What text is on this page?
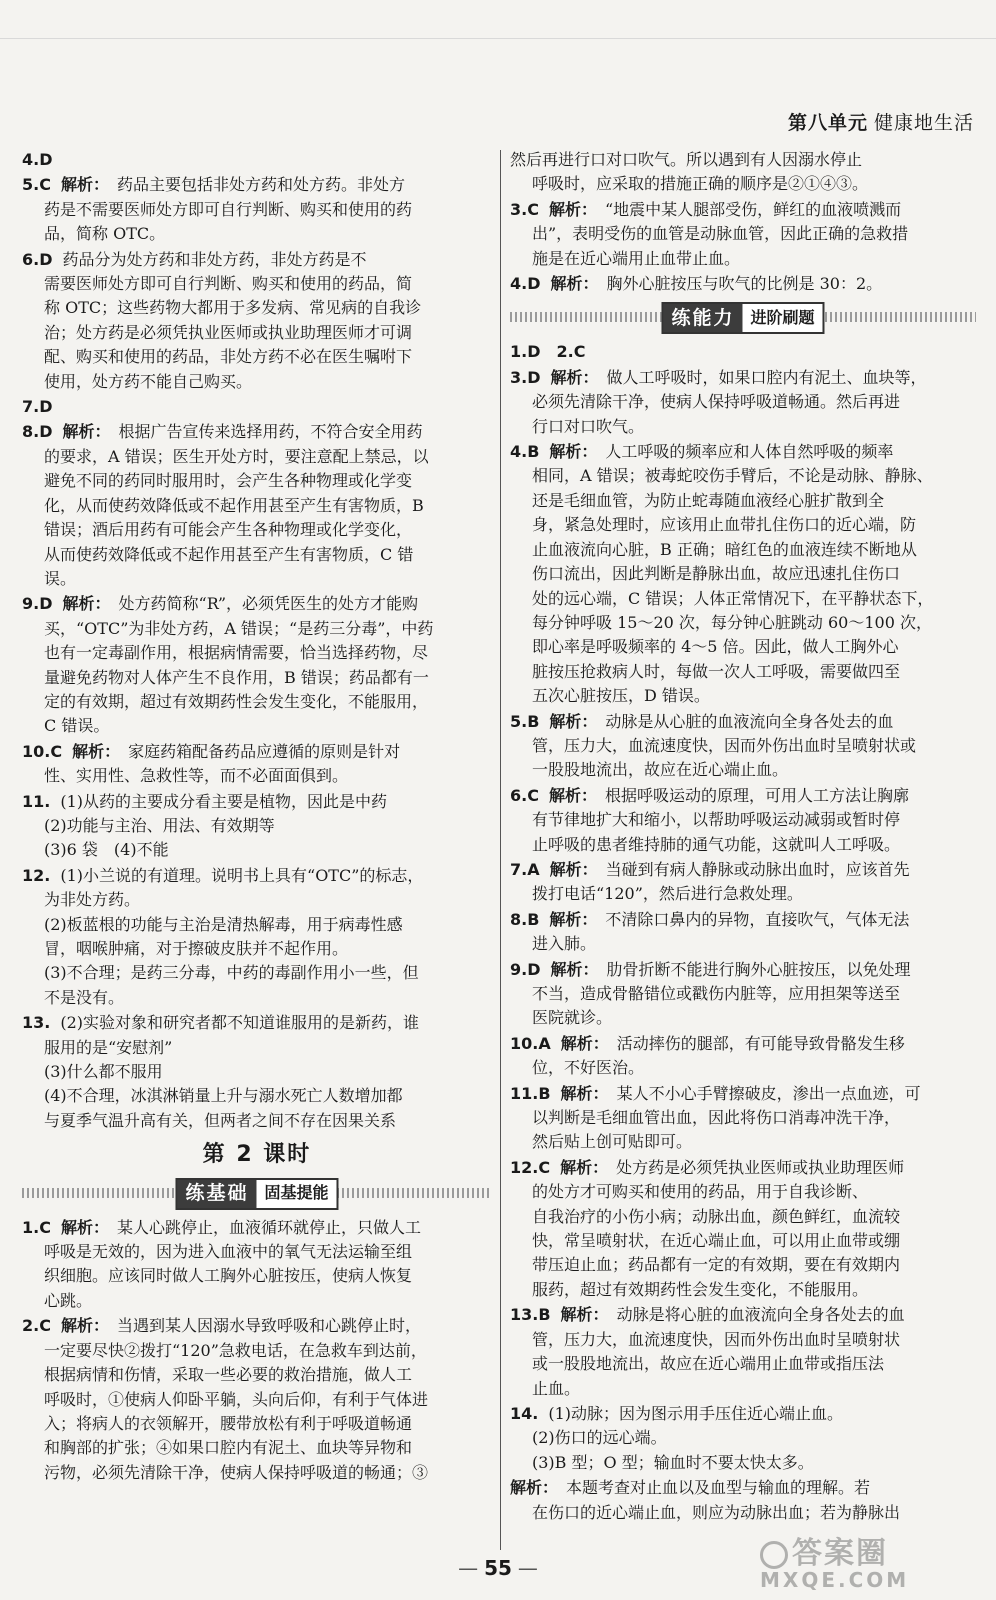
第八单元 健康地生活
4.D
5.C 解析： 药品主要包括非处方药和处方药。非处方
药是不需要医师处方即可自行判断、购买和使用的药
品，简称 OTC。
6.D 药品分为处方药和非处方药，非处方药是不
需要医师处方即可自行判断、购买和使用的药品，简
称 OTC；这些药物大都用于多发病、常见病的自我诊
治；处方药是必须凭执业医师或执业助理医师才可调
配、购买和使用的药品，非处方药不必在医生嘱咐下
使用，处方药不能自己购买。
7.D
8.D 解析： 根据广告宣传来选择用药，不符合安全用药
的要求，A 错误；医生开处方时，要注意配上禁忌，以
避免不同的药同时服用时，会产生各种物理或化学变
化，从而使药效降低或不起作用甚至产生有害物质，B
错误；酒后用药有可能会产生各种物理或化学变化，
从而使药效降低或不起作用甚至产生有害物质，C 错
误。
9.D 解析： 处方药简称“R”，必须凭医生的处方才能购
买，“OTC”为非处方药，A 错误；“是药三分毒”，中药
也有一定毒副作用，根据病情需要，恰当选择药物，尽
量避免药物对人体产生不良作用，B 错误；药品都有一
定的有效期，超过有效期药性会发生变化，不能服用，
C 错误。
10.C 解析： 家庭药箱配备药品应遵循的原则是针对
性、实用性、急救性等，而不必面面俱到。
11. (1)从药的主要成分看主要是植物，因此是中药
(2)功能与主治、用法、有效期等
(3)6 袋　(4)不能
12. (1)小兰说的有道理。说明书上具有“OTC”的标志，
为非处方药。
(2)板蓝根的功能与主治是清热解毒，用于病毒性感
冒，咽喉肿痛，对于擦破皮肤并不起作用。
(3)不合理；是药三分毒，中药的毒副作用小一些，但
不是没有。
13. (2)实验对象和研究者都不知道谁服用的是新药，谁
服用的是“安慰剂”
(3)什么都不服用
(4)不合理，冰淇淋销量上升与溺水死亡人数增加都
与夏季气温升高有关，但两者之间不存在因果关系
第 2 课时
练基础	固基提能
1.C 解析： 某人心跳停止，血液循环就停止，只做人工
呼吸是无效的，因为进入血液中的氧气无法运输至组
织细胞。应该同时做人工胸外心脏按压，使病人恢复
心跳。
2.C 解析： 当遇到某人因溺水导致呼吸和心跳停止时，
一定要尽快②拨打“120”急救电话，在急救车到达前，
根据病情和伤情，采取一些必要的救治措施，做人工
呼吸时，①使病人仰卧平躺，头向后仰，有利于气体进
入；将病人的衣领解开，腰带放松有利于呼吸道畅通
和胸部的扩张；④如果口腔内有泥土、血块等异物和
污物，必须先清除干净，使病人保持呼吸道的畅通；③
然后再进行口对口吹气。所以遇到有人因溺水停止
呼吸时，应采取的措施正确的顺序是②①④③。
3.C 解析： “地震中某人腿部受伤，鲜红的血液喷溅而
出”，表明受伤的血管是动脉血管，因此正确的急救措
施是在近心端用止血带止血。
4.D 解析： 胸外心脏按压与吹气的比例是 30：2。
练能力	进阶刷题
1.D　2.C
3.D 解析： 做人工呼吸时，如果口腔内有泥土、血块等，
必须先清除干净，使病人保持呼吸道畅通。然后再进
行口对口吹气。
4.B 解析： 人工呼吸的频率应和人体自然呼吸的频率
相同，A 错误；被毒蛇咬伤手臂后，不论是动脉、静脉、
还是毛细血管，为防止蛇毒随血液经心脏扩散到全
身，紧急处理时，应该用止血带扎住伤口的近心端，防
止血液流向心脏，B 正确；暗红色的血液连续不断地从
伤口流出，因此判断是静脉出血，故应迅速扎住伤口
处的远心端，C 错误；人体正常情况下，在平静状态下，
每分钟呼吸 15～20 次，每分钟心脏跳动 60～100 次，
即心率是呼吸频率的 4～5 倍。因此，做人工胸外心
脏按压抢救病人时，每做一次人工呼吸，需要做四至
五次心脏按压，D 错误。
5.B 解析： 动脉是从心脏的血液流向全身各处去的血
管，压力大，血流速度快，因而外伤出血时呈喷射状或
一股股地流出，故应在近心端止血。
6.C 解析： 根据呼吸运动的原理，可用人工方法让胸廓
有节律地扩大和缩小，以帮助呼吸运动减弱或暂时停
止呼吸的患者维持肺的通气功能，这就叫人工呼吸。
7.A 解析： 当碰到有病人静脉或动脉出血时，应该首先
拨打电话“120”，然后进行急救处理。
8.B 解析： 不清除口鼻内的异物，直接吹气，气体无法
进入肺。
9.D 解析： 肋骨折断不能进行胸外心脏按压，以免处理
不当，造成骨骼错位或戳伤内脏等，应用担架等送至
医院就诊。
10.A 解析： 活动摔伤的腿部，有可能导致骨骼发生移
位，不好医治。
11.B 解析： 某人不小心手臂擦破皮，渗出一点血迹，可
以判断是毛细血管出血，因此将伤口消毒冲洗干净，
然后贴上创可贴即可。
12.C 解析： 处方药是必须凭执业医师或执业助理医师
的处方才可购买和使用的药品，用于自我诊断、
自我治疗的小伤小病；动脉出血，颜色鲜红，血流较
快，常呈喷射状，在近心端止血，可以用止血带或绷
带压迫止血；药品都有一定的有效期，要在有效期内
服药，超过有效期药性会发生变化，不能服用。
13.B 解析： 动脉是将心脏的血液流向全身各处去的血
管，压力大，血流速度快，因而外伤出血时呈喷射状
或一股股地流出，故应在近心端用止血带或指压法
止血。
14. (1)动脉；因为图示用手压住近心端止血。
(2)伤口的远心端。
(3)B 型；O 型；输血时不要太快太多。
解析： 本题考查对止血以及血型与输血的理解。若
在伤口的近心端止血，则应为动脉出血；若为静脉出
— 55 —	答案圈
MXQE.COM
